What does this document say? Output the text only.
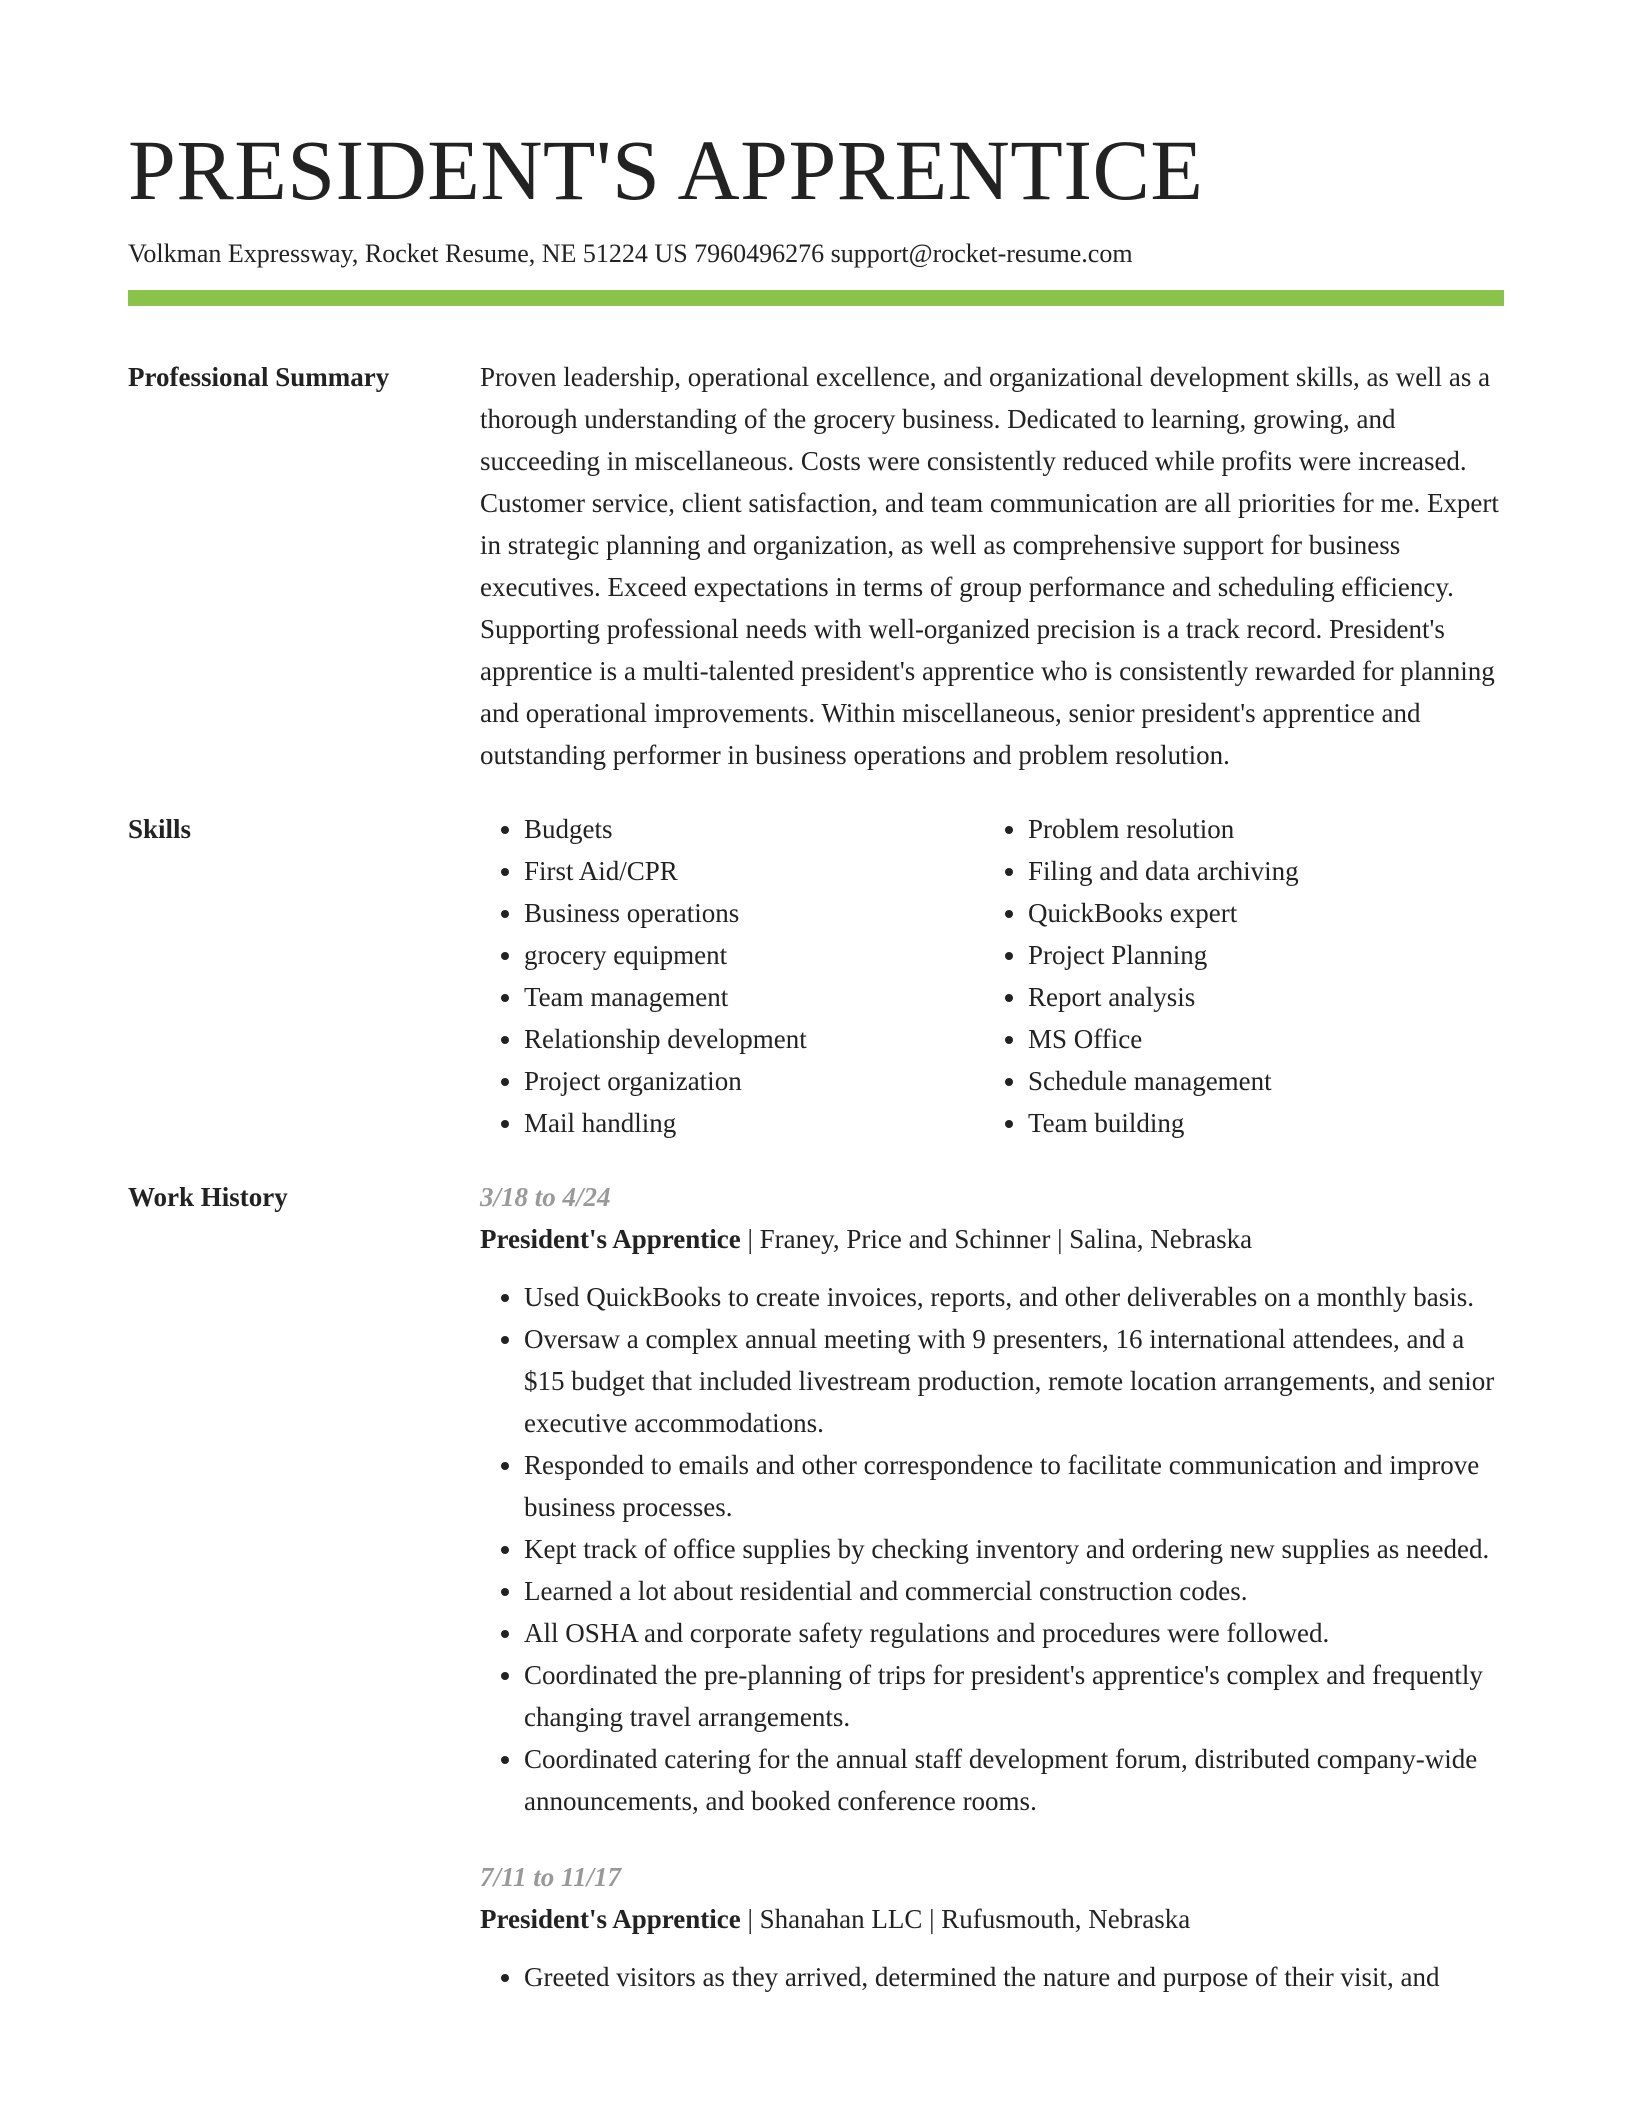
PRESIDENT'S APPRENTICE
Volkman Expressway, Rocket Resume, NE 51224 US 7960496276 support@rocket-resume.com
Professional Summary	Proven leadership, operational excellence, and organizational development skills, as well as a thorough understanding of the grocery business. Dedicated to learning, growing, and succeeding in miscellaneous. Costs were consistently reduced while profits were increased. Customer service, client satisfaction, and team communication are all priorities for me. Expert in strategic planning and organization, as well as comprehensive support for business executives. Exceed expectations in terms of group performance and scheduling efficiency. Supporting professional needs with well-organized precision is a track record. President's apprentice is a multi-talented president's apprentice who is consistently rewarded for planning and operational improvements. Within miscellaneous, senior president's apprentice and outstanding performer in business operations and problem resolution.
Skills
•	Budgets
• First Aid/CPR
• Business operations
• grocery equipment
• Team management
• Relationship development
• Project organization
• Mail handling
• Problem resolution
• Filing and data archiving
• QuickBooks expert
• Project Planning
• Report analysis
• MS Office
• Schedule management
• Team building
Work History	3/18 to 4/24
President's Apprentice | Franey, Price and Schinner | Salina, Nebraska
• Used QuickBooks to create invoices, reports, and other deliverables on a monthly basis.
• Oversaw a complex annual meeting with 9 presenters, 16 international attendees, and a $15 budget that included livestream production, remote location arrangements, and senior executive accommodations.
• Responded to emails and other correspondence to facilitate communication and improve business processes.
• Kept track of office supplies by checking inventory and ordering new supplies as needed.
• Learned a lot about residential and commercial construction codes.
• All OSHA and corporate safety regulations and procedures were followed.
• Coordinated the pre-planning of trips for president's apprentice's complex and frequently changing travel arrangements.
• Coordinated catering for the annual staff development forum, distributed company-wide announcements, and booked conference rooms.
7/11 to 11/17
President's Apprentice | Shanahan LLC | Rufusmouth, Nebraska
• Greeted visitors as they arrived, determined the nature and purpose of their visit, and
